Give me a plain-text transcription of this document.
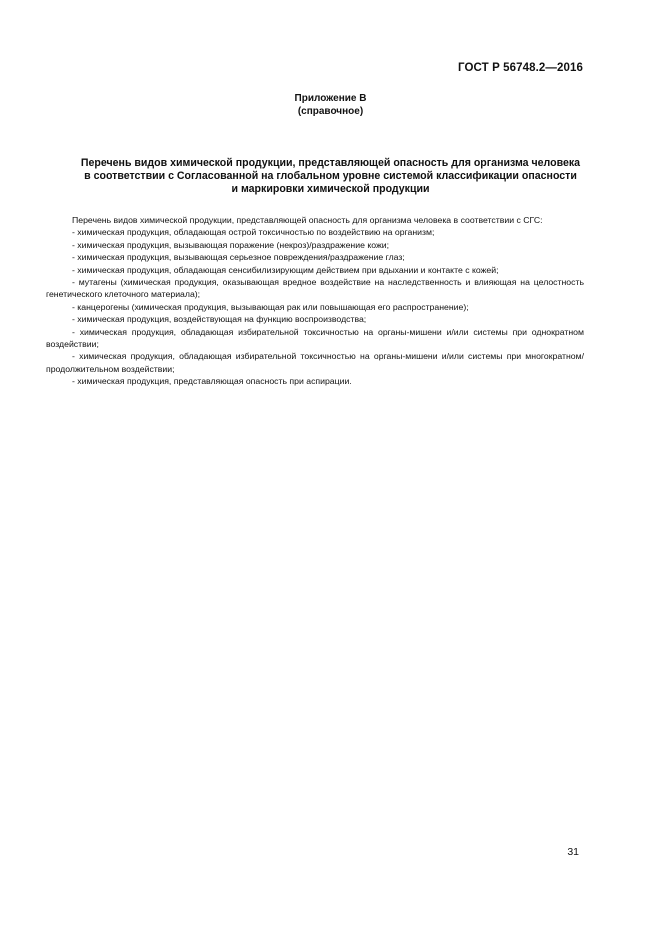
ГОСТ Р 56748.2—2016
Приложение В
(справочное)
Перечень видов химической продукции, представляющей опасность для организма человека
в соответствии с Согласованной на глобальном уровне системой классификации опасности
и маркировки химической продукции

Перечень видов химической продукции, представляющей опасность для организма человека в соответствии с СГС:

- химическая продукция, обладающая острой токсичностью по воздействию на организм;

- химическая продукция, вызывающая поражение (некроз)/раздражение кожи;

- химическая продукция, вызывающая серьезное повреждения/раздражение глаз;

- химическая продукция, обладающая сенсибилизирующим действием при вдыхании и контакте с кожей;

- мутагены (химическая продукция, оказывающая вредное воздействие на наследственность и влияющая на целостность генетического клеточного материала);

- канцерогены (химическая продукция, вызывающая рак или повышающая его распространение);

- химическая продукция, воздействующая на функцию воспроизводства;

- химическая продукция, обладающая избирательной токсичностью на органы-мишени и/или системы при однократном воздействии;

- химическая продукция, обладающая избирательной токсичностью на органы-мишени и/или системы при многократном/продолжительном воздействии;

- химическая продукция, представляющая опасность при аспирации.

31
